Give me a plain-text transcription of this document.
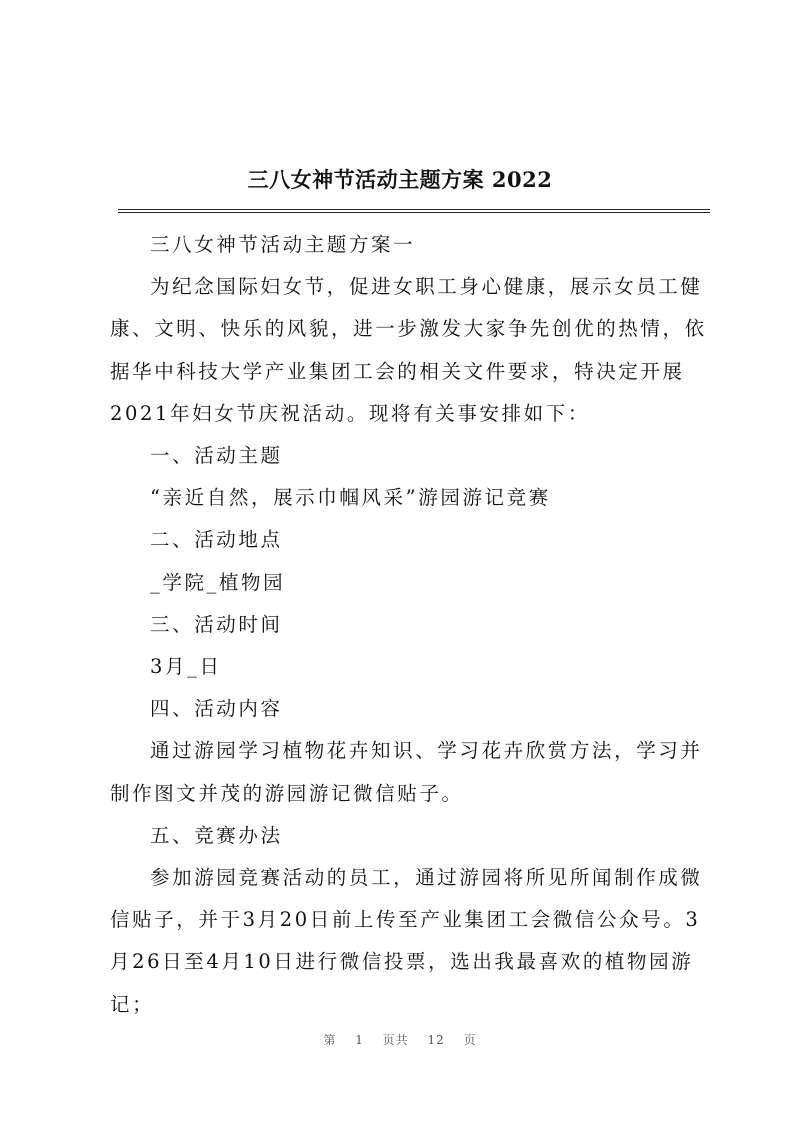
三八女神节活动主题方案 2022

三八女神节活动主题方案一

为纪念国际妇女节，促进女职工身心健康，展示女员工健康、文明、快乐的风貌，进一步激发大家争先创优的热情，依据华中科技大学产业集团工会的相关文件要求，特决定开展2021年妇女节庆祝活动。现将有关事安排如下：

一、活动主题

“亲近自然，展示巾帼风采”游园游记竞赛

二、活动地点

_学院_植物园

三、活动时间

3月_日

四、活动内容

通过游园学习植物花卉知识、学习花卉欣赏方法，学习并制作图文并茂的游园游记微信贴子。

五、竞赛办法

参加游园竞赛活动的员工，通过游园将所见所闻制作成微信贴子，并于3月20日前上传至产业集团工会微信公众号。3月26日至4月10日进行微信投票，选出我最喜欢的植物园游记；

第 1 页共 12 页
